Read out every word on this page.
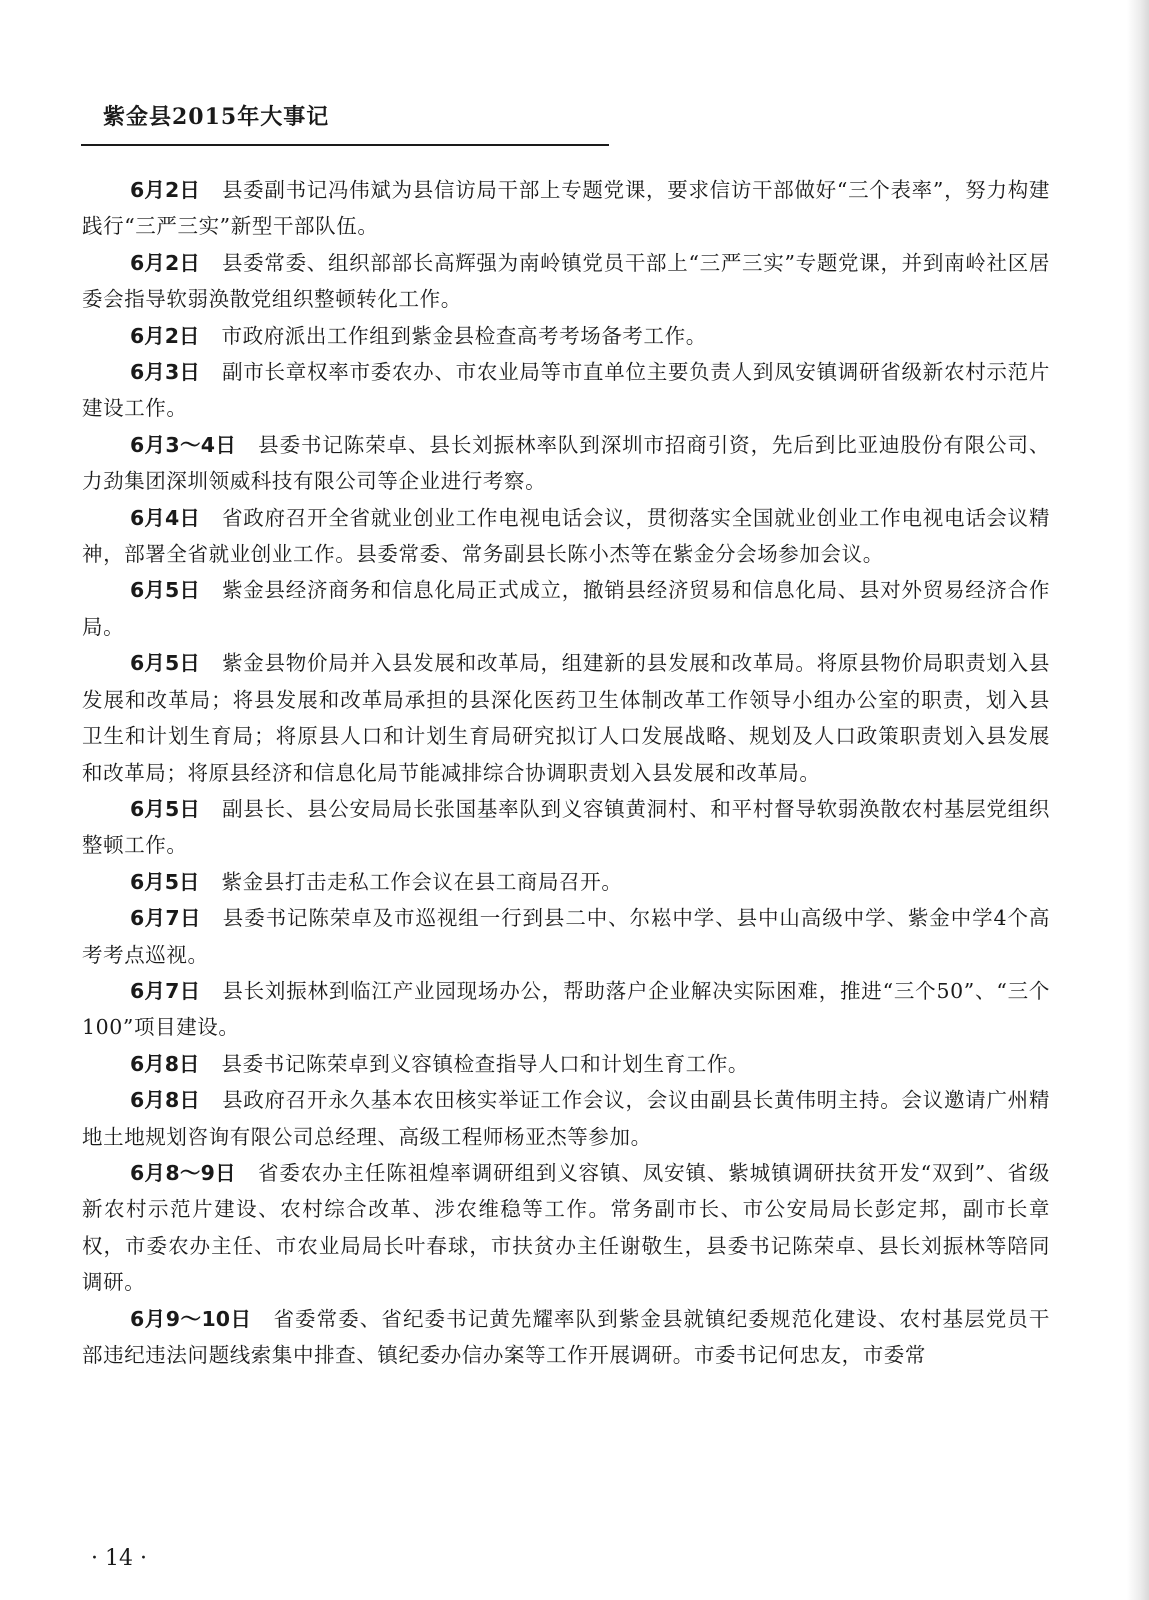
紫金县2015年大事记

6月2日 县委副书记冯伟斌为县信访局干部上专题党课，要求信访干部做好“三个表率”，努力构建践行“三严三实”新型干部队伍。

6月2日 县委常委、组织部部长高辉强为南岭镇党员干部上“三严三实”专题党课，并到南岭社区居委会指导软弱涣散党组织整顿转化工作。

6月2日 市政府派出工作组到紫金县检查高考考场备考工作。

6月3日 副市长章权率市委农办、市农业局等市直单位主要负责人到凤安镇调研省级新农村示范片建设工作。

6月3～4日 县委书记陈荣卓、县长刘振林率队到深圳市招商引资，先后到比亚迪股份有限公司、力劲集团深圳领威科技有限公司等企业进行考察。

6月4日 省政府召开全省就业创业工作电视电话会议，贯彻落实全国就业创业工作电视电话会议精神，部署全省就业创业工作。县委常委、常务副县长陈小杰等在紫金分会场参加会议。

6月5日 紫金县经济商务和信息化局正式成立，撤销县经济贸易和信息化局、县对外贸易经济合作局。

6月5日 紫金县物价局并入县发展和改革局，组建新的县发展和改革局。将原县物价局职责划入县发展和改革局；将县发展和改革局承担的县深化医药卫生体制改革工作领导小组办公室的职责，划入县卫生和计划生育局；将原县人口和计划生育局研究拟订人口发展战略、规划及人口政策职责划入县发展和改革局；将原县经济和信息化局节能减排综合协调职责划入县发展和改革局。

6月5日 副县长、县公安局局长张国基率队到义容镇黄洞村、和平村督导软弱涣散农村基层党组织整顿工作。

6月5日 紫金县打击走私工作会议在县工商局召开。

6月7日 县委书记陈荣卓及市巡视组一行到县二中、尔崧中学、县中山高级中学、紫金中学4个高考考点巡视。

6月7日 县长刘振林到临江产业园现场办公，帮助落户企业解决实际困难，推进“三个50”、“三个100”项目建设。

6月8日 县委书记陈荣卓到义容镇检查指导人口和计划生育工作。

6月8日 县政府召开永久基本农田核实举证工作会议，会议由副县长黄伟明主持。会议邀请广州精地土地规划咨询有限公司总经理、高级工程师杨亚杰等参加。

6月8～9日 省委农办主任陈祖煌率调研组到义容镇、凤安镇、紫城镇调研扶贫开发“双到”、省级新农村示范片建设、农村综合改革、涉农维稳等工作。常务副市长、市公安局局长彭定邦，副市长章权，市委农办主任、市农业局局长叶春球，市扶贫办主任谢敬生，县委书记陈荣卓、县长刘振林等陪同调研。

6月9～10日 省委常委、省纪委书记黄先耀率队到紫金县就镇纪委规范化建设、农村基层党员干部违纪违法问题线索集中排查、镇纪委办信办案等工作开展调研。市委书记何忠友，市委常

· 14 ·
